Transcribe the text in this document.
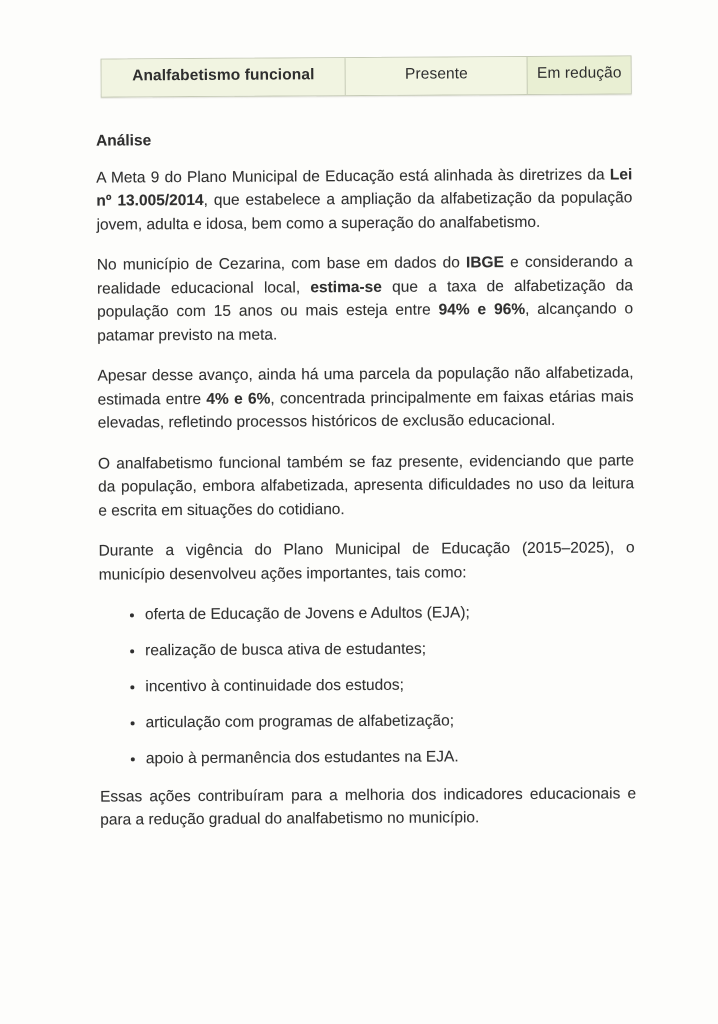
Analfabetismo funcional	Presente	Em redução
Análise

A Meta 9 do Plano Municipal de Educação está alinhada às diretrizes da Lei nº 13.005/2014, que estabelece a ampliação da alfabetização da população jovem, adulta e idosa, bem como a superação do analfabetismo.

No município de Cezarina, com base em dados do IBGE e considerando a realidade educacional local, estima-se que a taxa de alfabetização da população com 15 anos ou mais esteja entre 94% e 96%, alcançando o patamar previsto na meta.

Apesar desse avanço, ainda há uma parcela da população não alfabetizada, estimada entre 4% e 6%, concentrada principalmente em faixas etárias mais elevadas, refletindo processos históricos de exclusão educacional.

O analfabetismo funcional também se faz presente, evidenciando que parte da população, embora alfabetizada, apresenta dificuldades no uso da leitura e escrita em situações do cotidiano.

Durante a vigência do Plano Municipal de Educação (2015–2025), o município desenvolveu ações importantes, tais como:

• oferta de Educação de Jovens e Adultos (EJA);
• realização de busca ativa de estudantes;
• incentivo à continuidade dos estudos;
• articulação com programas de alfabetização;
• apoio à permanência dos estudantes na EJA.

Essas ações contribuíram para a melhoria dos indicadores educacionais e para a redução gradual do analfabetismo no município.
